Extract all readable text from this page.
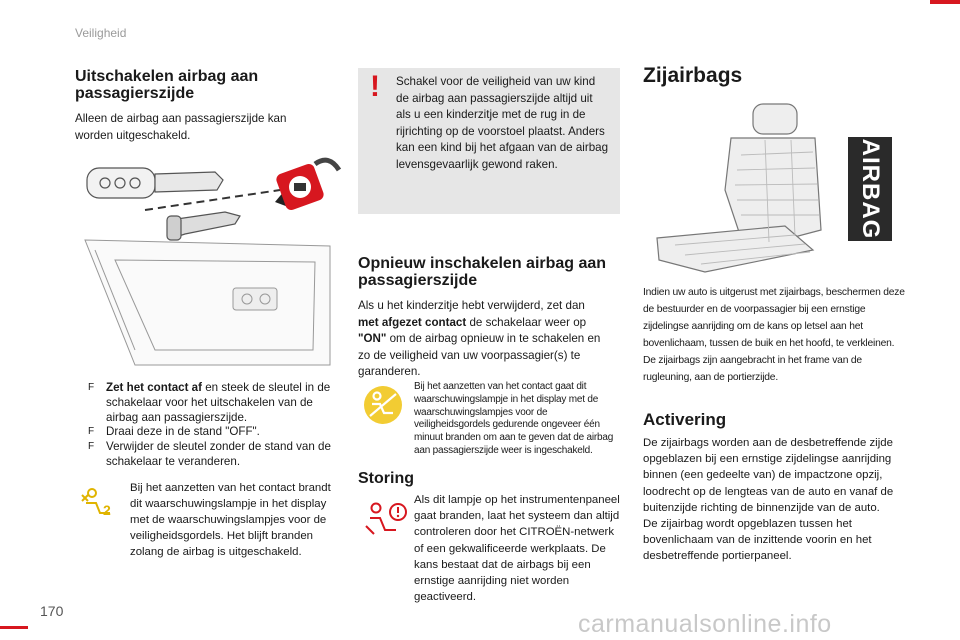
Veiligheid
Uitschakelen airbag aan passagierszijde
Alleen de airbag aan passagierszijde kan worden uitgeschakeld.
F Zet het contact af en steek de sleutel in de schakelaar voor het uitschakelen van de airbag aan passagierszijde.
F Draai deze in de stand "OFF".
F Verwijder de sleutel zonder de stand van de schakelaar te veranderen.
2
Bij het aanzetten van het contact brandt dit waarschuwingslampje in het display met de waarschuwingslampjes voor de veiligheidsgordels. Het blijft branden zolang de airbag is uitgeschakeld.
! Schakel voor de veiligheid van uw kind de airbag aan passagierszijde altijd uit als u een kinderzitje met de rug in de rijrichting op de voorstoel plaatst. Anders kan een kind bij het afgaan van de airbag levensgevaarlijk gewond raken.
Opnieuw inschakelen airbag aan passagierszijde
Als u het kinderzitje hebt verwijderd, zet dan met afgezet contact de schakelaar weer op "ON" om de airbag opnieuw in te schakelen en zo de veiligheid van uw voorpassagier(s) te garanderen.
Bij het aanzetten van het contact gaat dit waarschuwingslampje in het display met de waarschuwingslampjes voor de veiligheidsgordels gedurende ongeveer één minuut branden om aan te geven dat de airbag aan passagierszijde weer is ingeschakeld.
Storing
Als dit lampje op het instrumentenpaneel gaat branden, laat het systeem dan altijd controleren door het CITROËN-netwerk of een gekwalificeerde werkplaats. De kans bestaat dat de airbags bij een ernstige aanrijding niet worden geactiveerd.
Zijairbags
AIRBAG
Indien uw auto is uitgerust met zijairbags, beschermen deze de bestuurder en de voorpassagier bij een ernstige zijdelingse aanrijding om de kans op letsel aan het bovenlichaam, tussen de buik en het hoofd, te verkleinen.
De zijairbags zijn aangebracht in het frame van de rugleuning, aan de portierzijde.
Activering
De zijairbags worden aan de desbetreffende zijde opgeblazen bij een ernstige zijdelingse aanrijding binnen (een gedeelte van) de impactzone opzij, loodrecht op de lengteas van de auto en vanaf de buitenzijde richting de binnenzijde van de auto.
De zijairbag wordt opgeblazen tussen het bovenlichaam van de inzittende voorin en het desbetreffende portierpaneel.
170	carmanualsonline.info
